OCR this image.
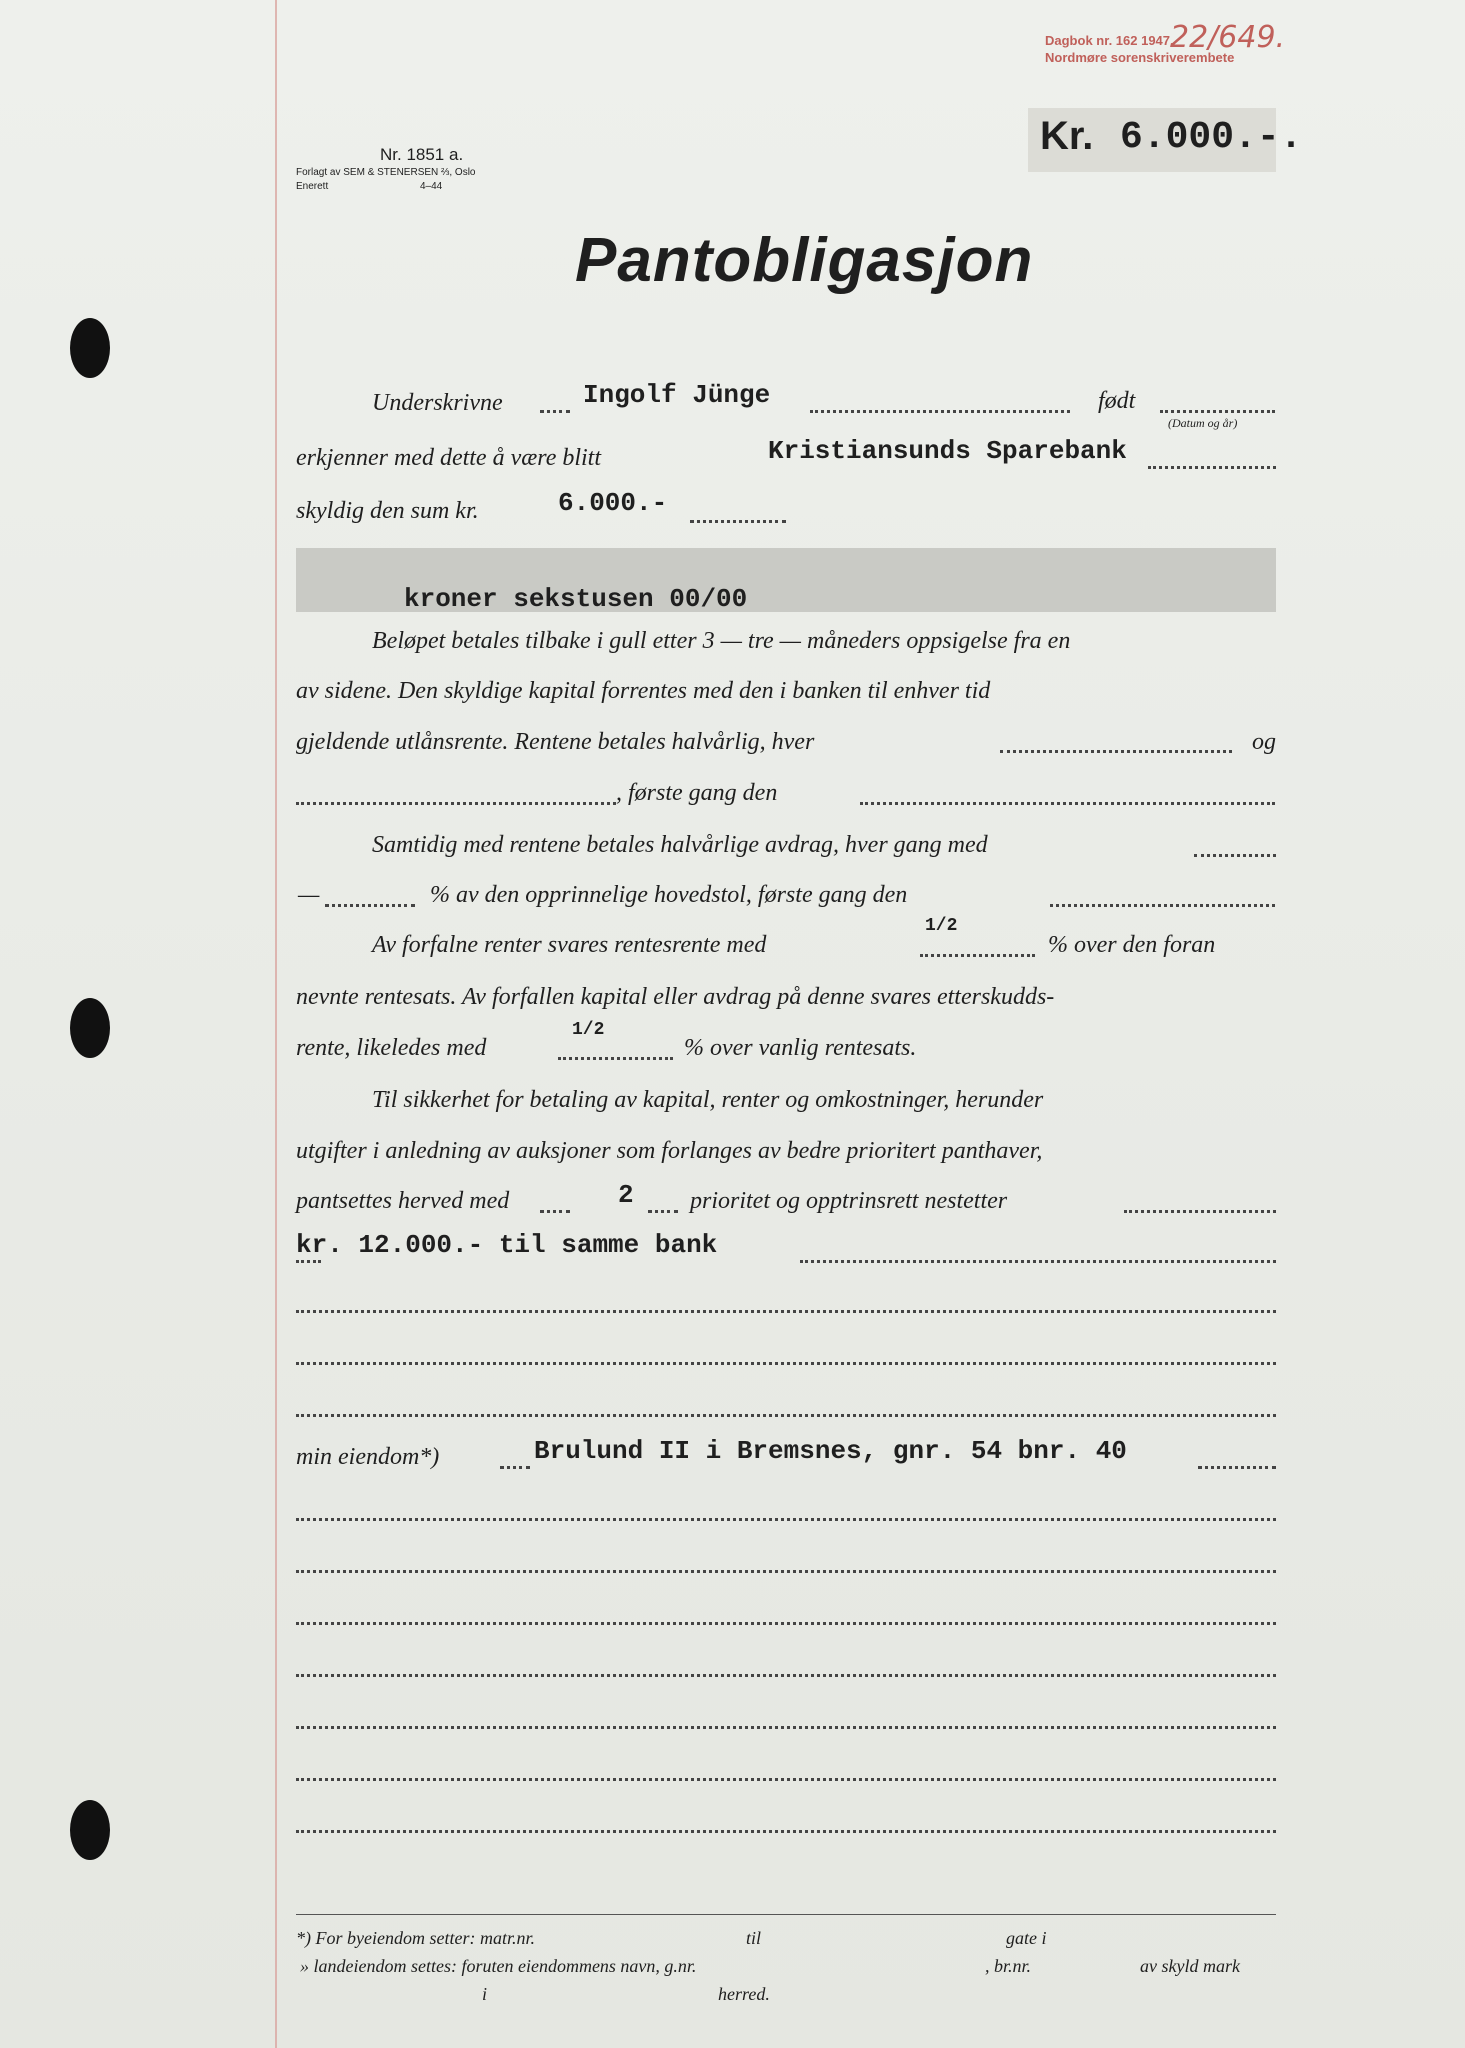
Dagbok nr. 162 1947.
Nordmøre sorenskriverembete
22/649.
Nr. 1851 a.
Forlagt av SEM & STENERSEN ⅔, Oslo
Enerett	4–44
Kr. 6.000.-.
Pantobligasjon
Underskrivne	Ingolf Jünge	født
(Datum og år)
erkjenner med dette å være blitt	Kristiansunds Sparebank
skyldig den sum kr.	6.000.-
kroner sekstusen 00/00
Beløpet betales tilbake i gull etter 3 — tre — måneders oppsigelse fra en
av sidene. Den skyldige kapital forrentes med den i banken til enhver tid
gjeldende utlånsrente. Rentene betales halvårlig, hver	og
, første gang den
Samtidig med rentene betales halvårlige avdrag, hver gang med
—	% av den opprinnelige hovedstol, første gang den
Av forfalne renter svares rentesrente med
1/2
% over den foran
nevnte rentesats. Av forfallen kapital eller avdrag på denne svares etterskudds-
rente, likeledes med
1/2
% over vanlig rentesats.
Til sikkerhet for betaling av kapital, renter og omkostninger, herunder
utgifter i anledning av auksjoner som forlanges av bedre prioritert panthaver,
pantsettes herved med	2 prioritet og opptrinsrett nestetter
kr. 12.000.- til samme bank
min eiendom*)	Brulund II i Bremsnes, gnr. 54 bnr. 40
*) For byeiendom setter: matr.nr.	til	gate i
» landeiendom settes: foruten eiendommens navn, g.nr.	, br.nr.	av skyld mark
i	herred.
